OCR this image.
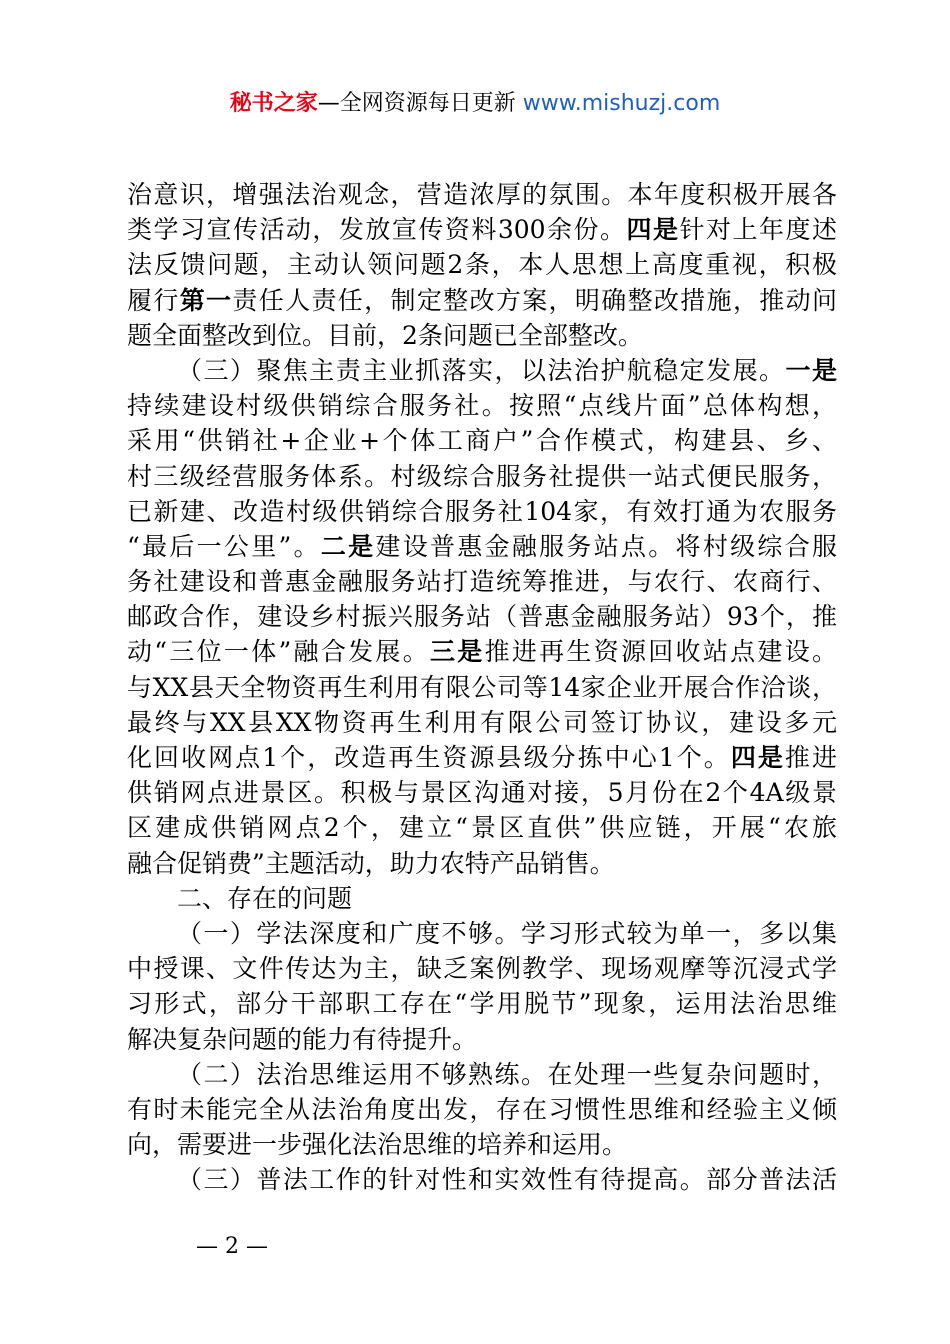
秘书之家—全网资源每日更新 www.mishuzj.com
治意识，增强法治观念，营造浓厚的氛围。本年度积极开展各
类学习宣传活动，发放宣传资料300余份。四是针对上年度述
法反馈问题，主动认领问题2条，本人思想上高度重视，积极
履行第一责任人责任，制定整改方案，明确整改措施，推动问
题全面整改到位。目前，2条问题已全部整改。
（三）聚焦主责主业抓落实，以法治护航稳定发展。一是
持续建设村级供销综合服务社。按照“点线片面”总体构想，
采用“供销社+企业+个体工商户”合作模式，构建县、乡、
村三级经营服务体系。村级综合服务社提供一站式便民服务，
已新建、改造村级供销综合服务社104家，有效打通为农服务
“最后一公里”。二是建设普惠金融服务站点。将村级综合服
务社建设和普惠金融服务站打造统筹推进，与农行、农商行、
邮政合作，建设乡村振兴服务站（普惠金融服务站）93个，推
动“三位一体”融合发展。三是推进再生资源回收站点建设。
与XX县天全物资再生利用有限公司等14家企业开展合作洽谈，
最终与XX县XX物资再生利用有限公司签订协议，建设多元
化回收网点1个，改造再生资源县级分拣中心1个。四是推进
供销网点进景区。积极与景区沟通对接，5月份在2个4A级景
区建成供销网点2个，建立“景区直供”供应链，开展“农旅
融合促销费”主题活动，助力农特产品销售。
二、存在的问题
（一）学法深度和广度不够。学习形式较为单一，多以集
中授课、文件传达为主，缺乏案例教学、现场观摩等沉浸式学
习形式，部分干部职工存在“学用脱节”现象，运用法治思维
解决复杂问题的能力有待提升。
（二）法治思维运用不够熟练。在处理一些复杂问题时，
有时未能完全从法治角度出发，存在习惯性思维和经验主义倾
向，需要进一步强化法治思维的培养和运用。
（三）普法工作的针对性和实效性有待提高。部分普法活
— 2 —
